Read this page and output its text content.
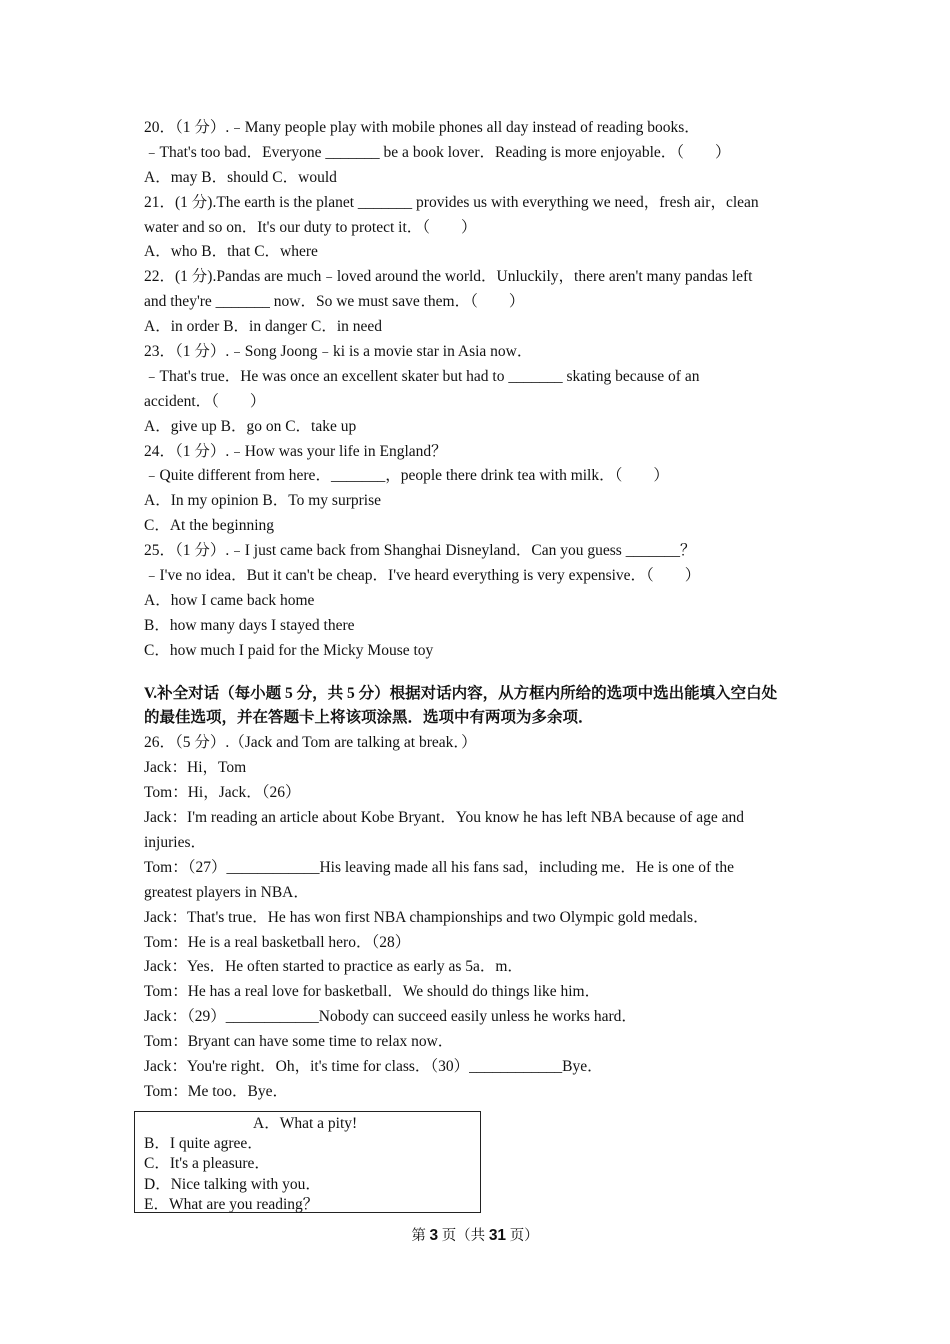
20．（1 分）.﹣Many people play with mobile phones all day instead of reading books．
﹣That's too bad．Everyone _______ be a book lover．Reading is more enjoyable．（　　）
A．may B．should C．would
21．(1 分).The earth is the planet _______ provides us with everything we need，fresh air，clean
water and so on．It's our duty to protect it．（　　）
A．who B．that C．where
22．(1 分).Pandas are much﹣loved around the world．Unluckily，there aren't many pandas left
and they're _______ now．So we must save them．（　　）
A．in order B．in danger C．in need
23．（1 分）.﹣Song Joong﹣ki is a movie star in Asia now．
﹣That's true．He was once an excellent skater but had to _______ skating because of an
accident．（　　）
A．give up B．go on C．take up
24．（1 分）.﹣How was your life in England？
﹣Quite different from here．_______，people there drink tea with milk．（　　）
A．In my opinion B．To my surprise
C．At the beginning
25．（1 分）.﹣I just came back from Shanghai Disneyland．Can you guess _______？
﹣I've no idea．But it can't be cheap．I've heard everything is very expensive．（　　）
A．how I came back home
B．how many days I stayed there
C．how much I paid for the Micky Mouse toy
V.补全对话（每小题 5 分，共 5 分）根据对话内容，从方框内所给的选项中选出能填入空白处
的最佳选项，并在答题卡上将该项涂黑．选项中有两项为多余项．
26．（5 分）.（Jack and Tom are talking at break．）
Jack：Hi，Tom
Tom：Hi，Jack．（26）
Jack：I'm reading an article about Kobe Bryant．You know he has left NBA because of age and
injuries．
Tom：（27）____________His leaving made all his fans sad，including me．He is one of the
greatest players in NBA．
Jack：That's true．He has won first NBA championships and two Olympic gold medals．
Tom：He is a real basketball hero．（28）
Jack：Yes．He often started to practice as early as 5a．m．
Tom：He has a real love for basketball．We should do things like him．
Jack：（29）____________Nobody can succeed easily unless he works hard．
Tom：Bryant can have some time to relax now．
Jack：You're right．Oh，it's time for class．（30）____________Bye．
Tom：Me too．Bye．
A．What a pity!
B．I quite agree．
C．It's a pleasure．
D．Nice talking with you．
E．What are you reading？
第 3 页（共 31 页）
